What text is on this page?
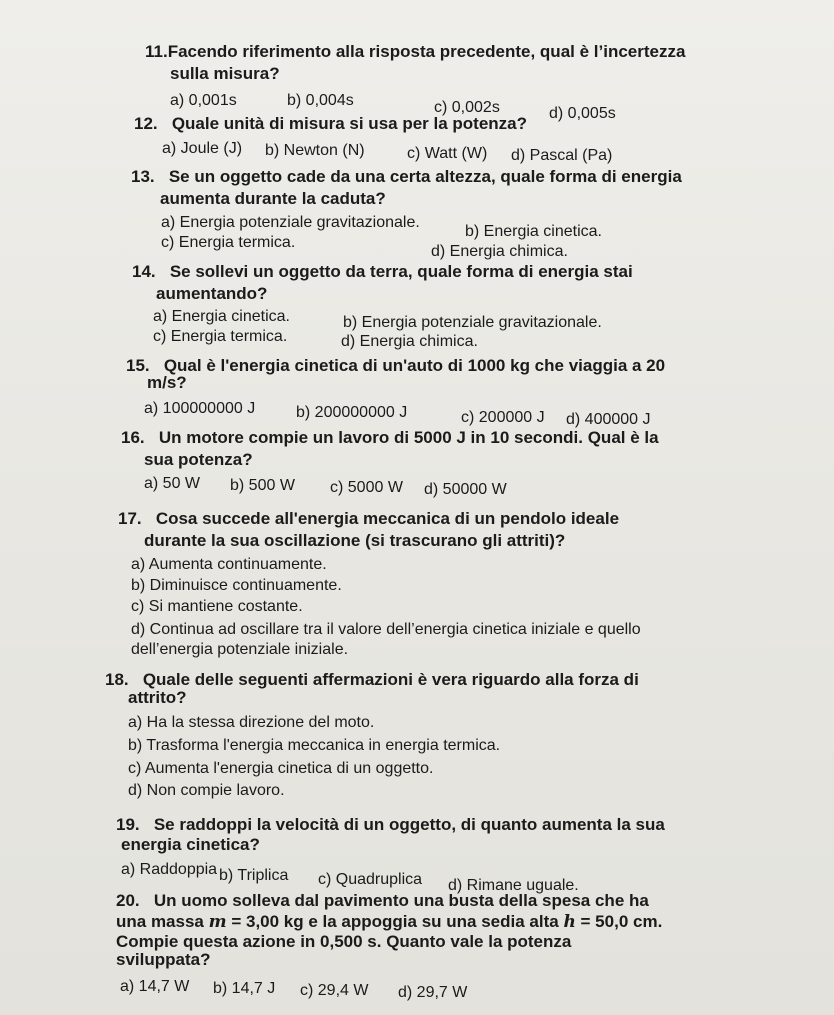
11.Facendo riferimento alla risposta precedente, qual è l’incertezza
sulla misura?
a) 0,001s	b) 0,004s	c) 0,002s	d) 0,005s
12. Quale unità di misura si usa per la potenza?
a) Joule (J) b) Newton (N)	c) Watt (W) d) Pascal (Pa)
13. Se un oggetto cade da una certa altezza, quale forma di energia
aumenta durante la caduta?
a) Energia potenziale gravitazionale.
b) Energia cinetica.
c) Energia termica.
d) Energia chimica.
14. Se sollevi un oggetto da terra, quale forma di energia stai
aumentando?
a) Energia cinetica.	b) Energia potenziale gravitazionale.
c) Energia termica.	d) Energia chimica.
15. Qual è l'energia cinetica di un'auto di 1000 kg che viaggia a 20
m/s?
a) 100000000 J	b) 200000000 J	c) 200000 J d) 400000 J
16. Un motore compie un lavoro di 5000 J in 10 secondi. Qual è la
sua potenza?
a) 50 W b) 500 W c) 5000 W d) 50000 W
17. Cosa succede all'energia meccanica di un pendolo ideale
durante la sua oscillazione (si trascurano gli attriti)?
a) Aumenta continuamente.
b) Diminuisce continuamente.
c) Si mantiene costante.
d) Continua ad oscillare tra il valore dell’energia cinetica iniziale e quello
dell’energia potenziale iniziale.
18. Quale delle seguenti affermazioni è vera riguardo alla forza di
attrito?
a) Ha la stessa direzione del moto.
b) Trasforma l'energia meccanica in energia termica.
c) Aumenta l'energia cinetica di un oggetto.
d) Non compie lavoro.
19. Se raddoppi la velocità di un oggetto, di quanto aumenta la sua
energia cinetica?
a) Raddoppia b) Triplica c) Quadruplica d) Rimane uguale.
20. Un uomo solleva dal pavimento una busta della spesa che ha
una massa m = 3,00 kg e la appoggia su una sedia alta h = 50,0 cm.
Compie questa azione in 0,500 s. Quanto vale la potenza
sviluppata?
a) 14,7 W b) 14,7 J c) 29,4 W d) 29,7 W
